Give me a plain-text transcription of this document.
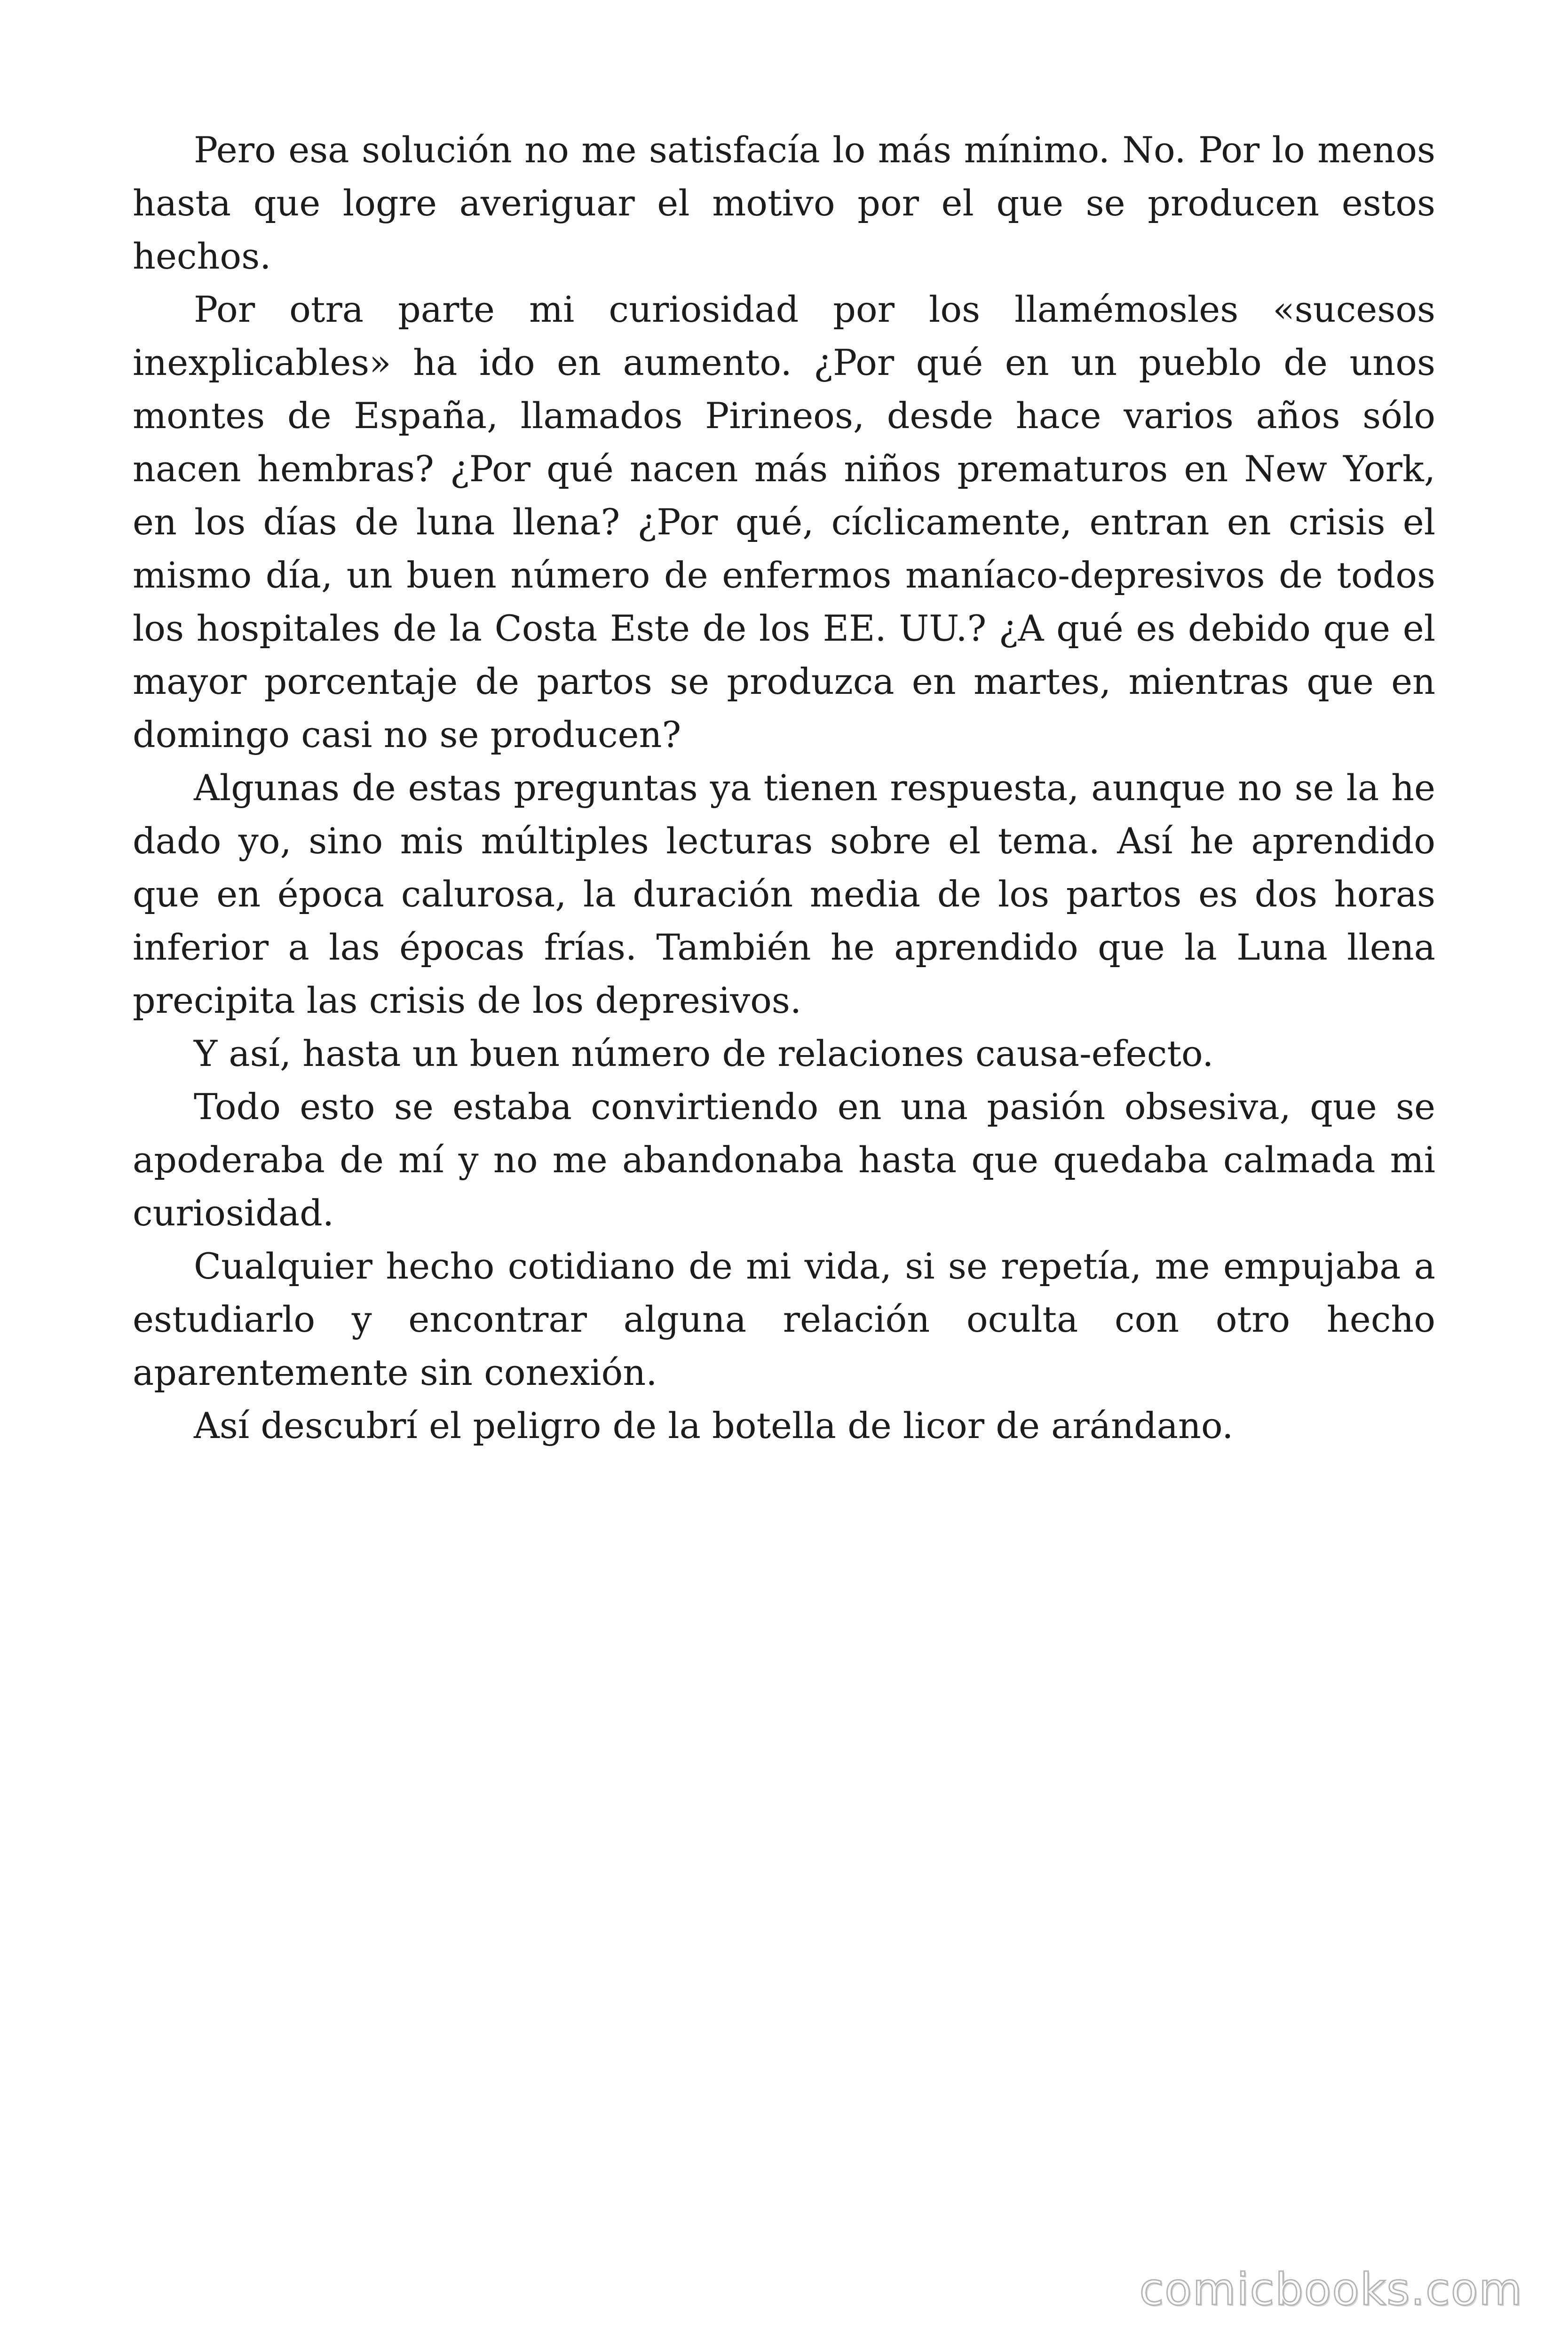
Pero esa solución no me satisfacía lo más mínimo. No. Por lo menos hasta que logre averiguar el motivo por el que se producen estos hechos.

Por otra parte mi curiosidad por los llamémosles «sucesos inexplicables» ha ido en aumento. ¿Por qué en un pueblo de unos montes de España, llamados Pirineos, desde hace varios años sólo nacen hembras? ¿Por qué nacen más niños prematuros en New York, en los días de luna llena? ¿Por qué, cíclicamente, entran en crisis el mismo día, un buen número de enfermos maníaco-depresivos de todos los hospitales de la Costa Este de los EE. UU.? ¿A qué es debido que el mayor porcentaje de partos se produzca en martes, mientras que en domingo casi no se producen?

Algunas de estas preguntas ya tienen respuesta, aunque no se la he dado yo, sino mis múltiples lecturas sobre el tema. Así he aprendido que en época calurosa, la duración media de los partos es dos horas inferior a las épocas frías. También he aprendido que la Luna llena precipita las crisis de los depresivos.

Y así, hasta un buen número de relaciones causa-efecto.

Todo esto se estaba convirtiendo en una pasión obsesiva, que se apoderaba de mí y no me abandonaba hasta que quedaba calmada mi curiosidad.

Cualquier hecho cotidiano de mi vida, si se repetía, me empujaba a estudiarlo y encontrar alguna relación oculta con otro hecho aparentemente sin conexión.

Así descubrí el peligro de la botella de licor de arándano.

comicbooks.com
